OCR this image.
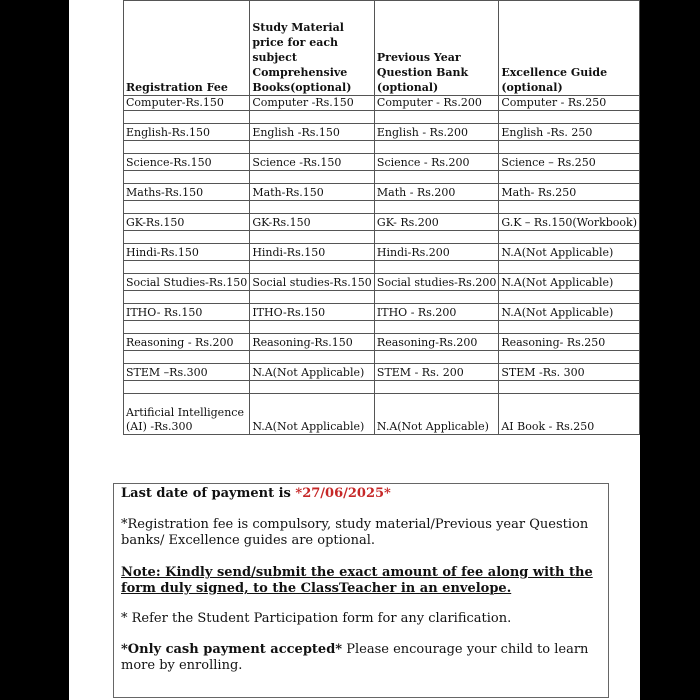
Registration Fee	Study Material price for each subject Comprehensive Books(optional)	Previous Year Question Bank (optional)	Excellence Guide (optional)
Computer-Rs.150	Computer -Rs.150	Computer - Rs.200	Computer - Rs.250

English-Rs.150	English -Rs.150	English - Rs.200	English -Rs. 250

Science-Rs.150	Science -Rs.150	Science - Rs.200	Science – Rs.250

Maths-Rs.150	Math-Rs.150	Math - Rs.200	Math- Rs.250

GK-Rs.150	GK-Rs.150	GK- Rs.200	G.K – Rs.150(Workbook)

Hindi-Rs.150	Hindi-Rs.150	Hindi-Rs.200	N.A(Not Applicable)

Social Studies-Rs.150	Social studies-Rs.150	Social studies-Rs.200	N.A(Not Applicable)

ITHO- Rs.150	ITHO-Rs.150	ITHO - Rs.200	N.A(Not Applicable)

Reasoning - Rs.200	Reasoning-Rs.150	Reasoning-Rs.200	Reasoning- Rs.250

STEM –Rs.300	N.A(Not Applicable)	STEM - Rs. 200	STEM -Rs. 300

Artificial Intelligence (AI) -Rs.300	N.A(Not Applicable)	N.A(Not Applicable)	AI Book - Rs.250

Last date of payment is *27/06/2025*

*Registration fee is compulsory, study material/Previous year Question banks/ Excellence guides are optional.

Note: Kindly send/submit the exact amount of fee along with the form duly signed, to the ClassTeacher in an envelope.

* Refer the Student Participation form for any clarification.

*Only cash payment accepted* Please encourage your child to learn more by enrolling.
